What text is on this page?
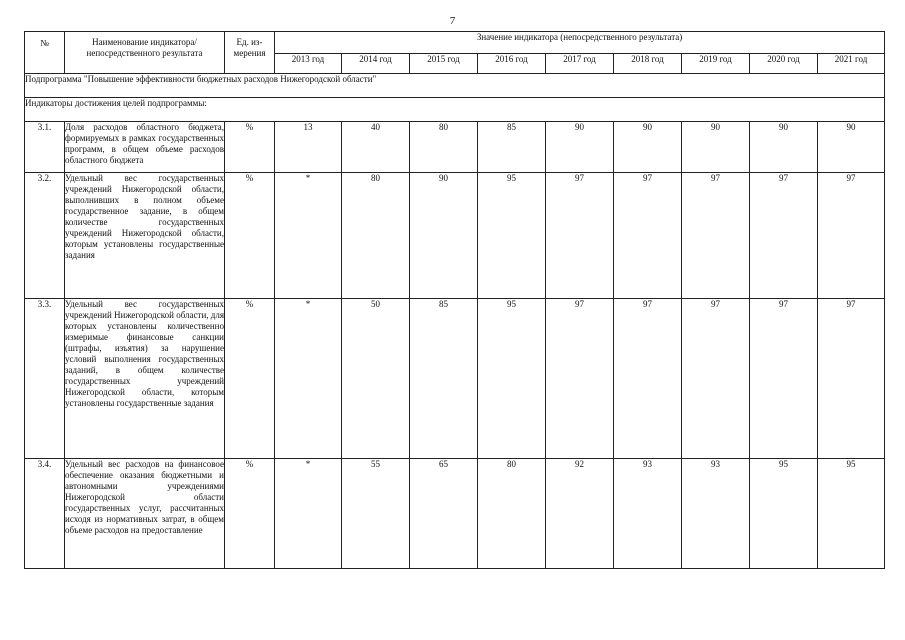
7
№	Наименование индикатора/ непосредственного результата	Ед. из-мерения	Значение индикатора (непосредственного результата)								
			2013 год	2014 год	2015 год	2016 год	2017 год	2018 год	2019 год	2020 год	2021 год
Подпрограмма "Повышение эффективности бюджетных расходов Нижегородской области"											
Индикаторы достижения целей подпрограммы:											
3.1.	Доля расходов областного бюджета, формируемых в рамках государственных программ, в общем объеме расходов областного бюджета	%	13	40	80	85	90	90	90	90	90
3.2.	Удельный вес государственных учреждений Нижегородской области, выполнивших в полном объеме государственное задание, в общем количестве государственных учреждений Нижегородской области, которым установлены государственные задания	%	*	80	90	95	97	97	97	97	97
3.3.	Удельный вес государственных учреждений Нижегородской области, для которых установлены количественно измеримые финансовые санкции (штрафы, изъятия) за нарушение условий выполнения государственных заданий, в общем количестве государственных учреждений Нижегородской области, которым установлены государственные задания	%	*	50	85	95	97	97	97	97	97
3.4.	Удельный вес расходов на финансовое обеспечение оказания бюджетными и автономными учреждениями Нижегородской области государственных услуг, рассчитанных исходя из нормативных затрат, в общем объеме расходов на предоставление	%	*	55	65	80	92	93	93	95	95
